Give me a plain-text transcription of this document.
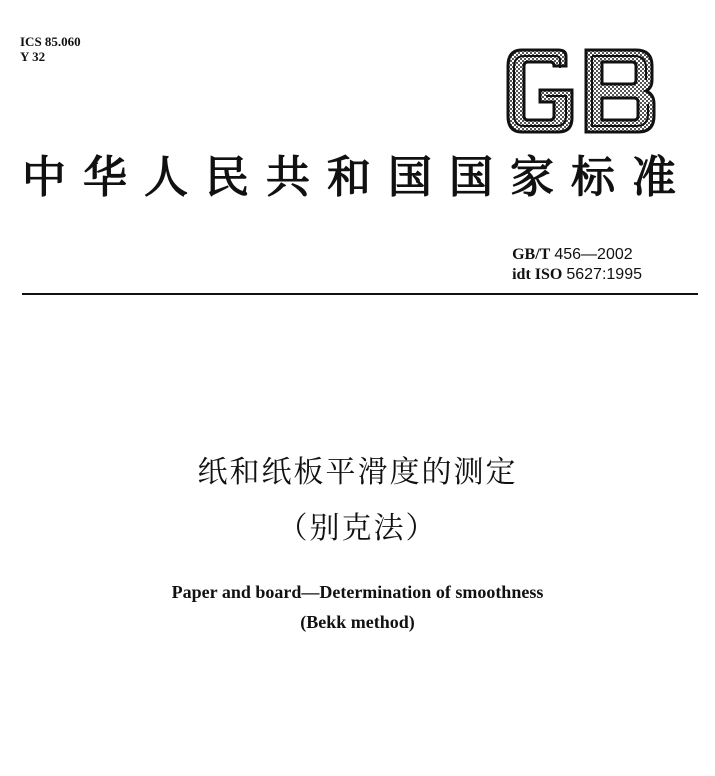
ICS 85.060
Y 32
中华人民共和国国家标准
GB/T 456—2002
idt ISO 5627:1995
纸和纸板平滑度的测定
（别克法）
Paper and board—Determination of smoothness
(Bekk method)
